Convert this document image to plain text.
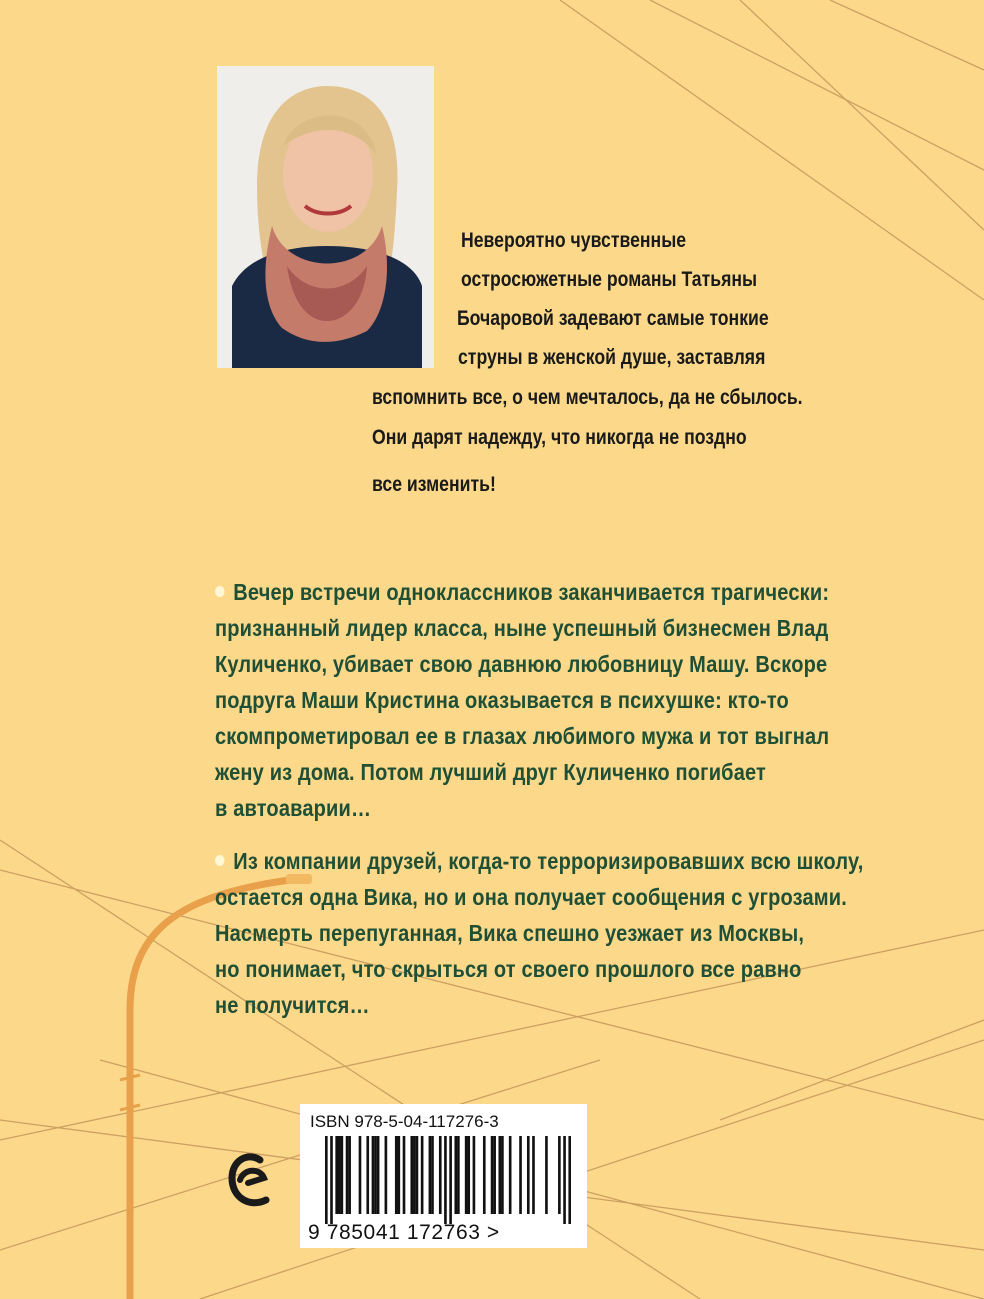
Невероятно чувственные
остросюжетные романы Татьяны
Бочаровой задевают самые тонкие
струны в женской душе, заставляя
вспомнить все, о чем мечталось, да не сбылось.
Они дарят надежду, что никогда не поздно
все изменить!
Вечер встречи одноклассников заканчивается трагически:
признанный лидер класса, ныне успешный бизнесмен Влад
Куличенко, убивает свою давнюю любовницу Машу. Вскоре
подруга Маши Кристина оказывается в психушке: кто-то
скомпрометировал ее в глазах любимого мужа и тот выгнал
жену из дома. Потом лучший друг Куличенко погибает
в автоаварии…
Из компании друзей, когда-то терроризировавших всю школу,
остается одна Вика, но и она получает сообщения с угрозами.
Насмерть перепуганная, Вика спешно уезжает из Москвы,
но понимает, что скрыться от своего прошлого все равно
не получится…
ISBN 978-5-04-117276-3
9 785041 172763 >
